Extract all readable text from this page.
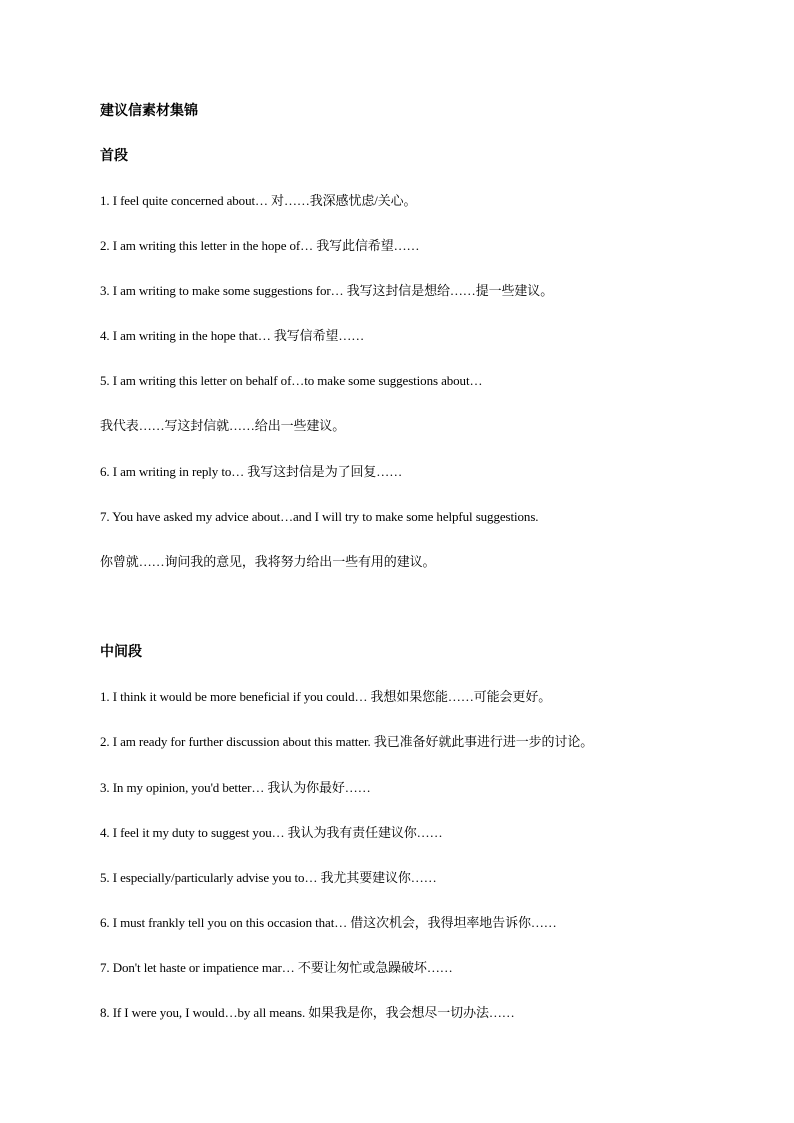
建议信素材集锦
首段
1. I feel quite concerned about… 对……我深感忧虑/关心。
2. I am writing this letter in the hope of… 我写此信希望……
3. I am writing to make some suggestions for… 我写这封信是想给……提一些建议。
4. I am writing in the hope that… 我写信希望……
5. I am writing this letter on behalf of…to make some suggestions about…
我代表……写这封信就……给出一些建议。
6. I am writing in reply to… 我写这封信是为了回复……
7. You have asked my advice about…and I will try to make some helpful suggestions.
你曾就……询问我的意见，我将努力给出一些有用的建议。
中间段
1. I think it would be more beneficial if you could… 我想如果您能……可能会更好。
2. I am ready for further discussion about this matter. 我已准备好就此事进行进一步的讨论。
3. In my opinion, you'd better… 我认为你最好……
4. I feel it my duty to suggest you… 我认为我有责任建议你……
5. I especially/particularly advise you to… 我尤其要建议你……
6. I must frankly tell you on this occasion that… 借这次机会，我得坦率地告诉你……
7. Don't let haste or impatience mar… 不要让匆忙或急躁破坏……
8. If I were you, I would…by all means. 如果我是你，我会想尽一切办法……
